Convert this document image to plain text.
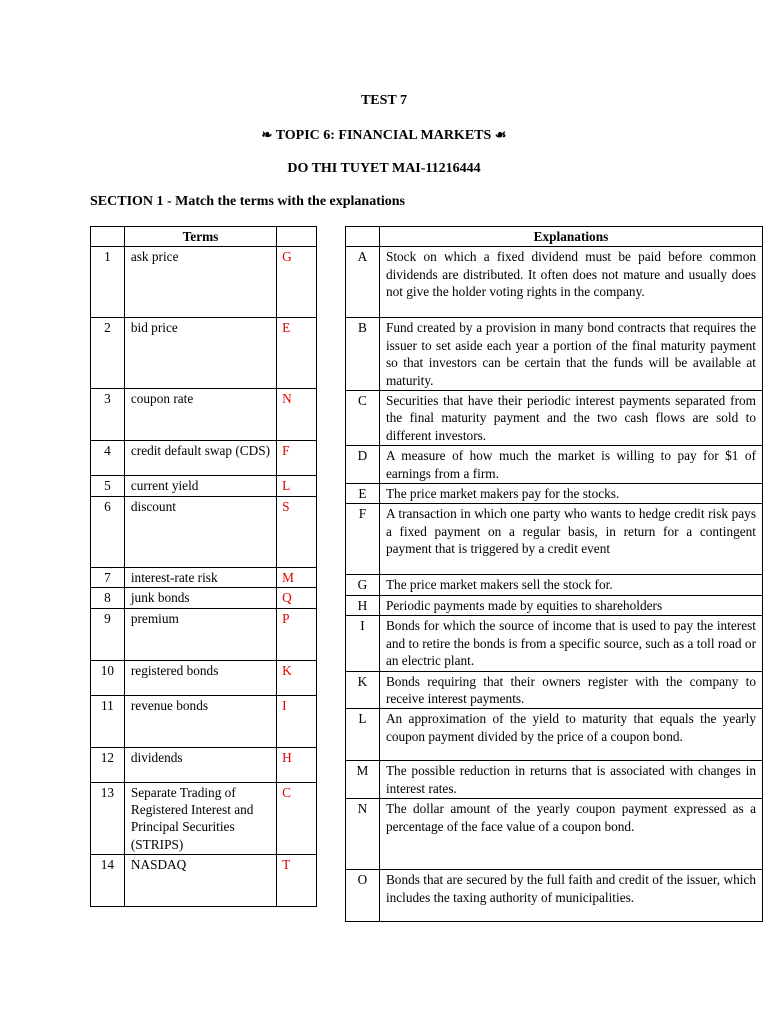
TEST 7
❧ TOPIC 6: FINANCIAL MARKETS ☙
DO THI TUYET MAI-11216444
SECTION 1 - Match the terms with the explanations
	Terms	
1	ask price	G
2	bid price	E
3	coupon rate	N
4	credit default swap (CDS)	F
5	current yield	L
6	discount	S
7	interest-rate risk	M
8	junk bonds	Q
9	premium	P
10	registered bonds	K
11	revenue bonds	I
12	dividends	H
13	Separate Trading of Registered Interest and Principal Securities (STRIPS)	C
14	NASDAQ	T
	Explanations
A	Stock on which a fixed dividend must be paid before common dividends are distributed. It often does not mature and usually does not give the holder voting rights in the company.
B	Fund created by a provision in many bond contracts that requires the issuer to set aside each year a portion of the final maturity payment so that investors can be certain that the funds will be available at maturity.
C	Securities that have their periodic interest payments separated from the final maturity payment and the two cash flows are sold to different investors.
D	A measure of how much the market is willing to pay for $1 of earnings from a firm.
E	The price market makers pay for the stocks.
F	A transaction in which one party who wants to hedge credit risk pays a fixed payment on a regular basis, in return for a contingent payment that is triggered by a credit event
G	The price market makers sell the stock for.
H	Periodic payments made by equities to shareholders
I	Bonds for which the source of income that is used to pay the interest and to retire the bonds is from a specific source, such as a toll road or an electric plant.
K	Bonds requiring that their owners register with the company to receive interest payments.
L	An approximation of the yield to maturity that equals the yearly coupon payment divided by the price of a coupon bond.
M	The possible reduction in returns that is associated with changes in interest rates.
N	The dollar amount of the yearly coupon payment expressed as a percentage of the face value of a coupon bond.
O	Bonds that are secured by the full faith and credit of the issuer, which includes the taxing authority of municipalities.
